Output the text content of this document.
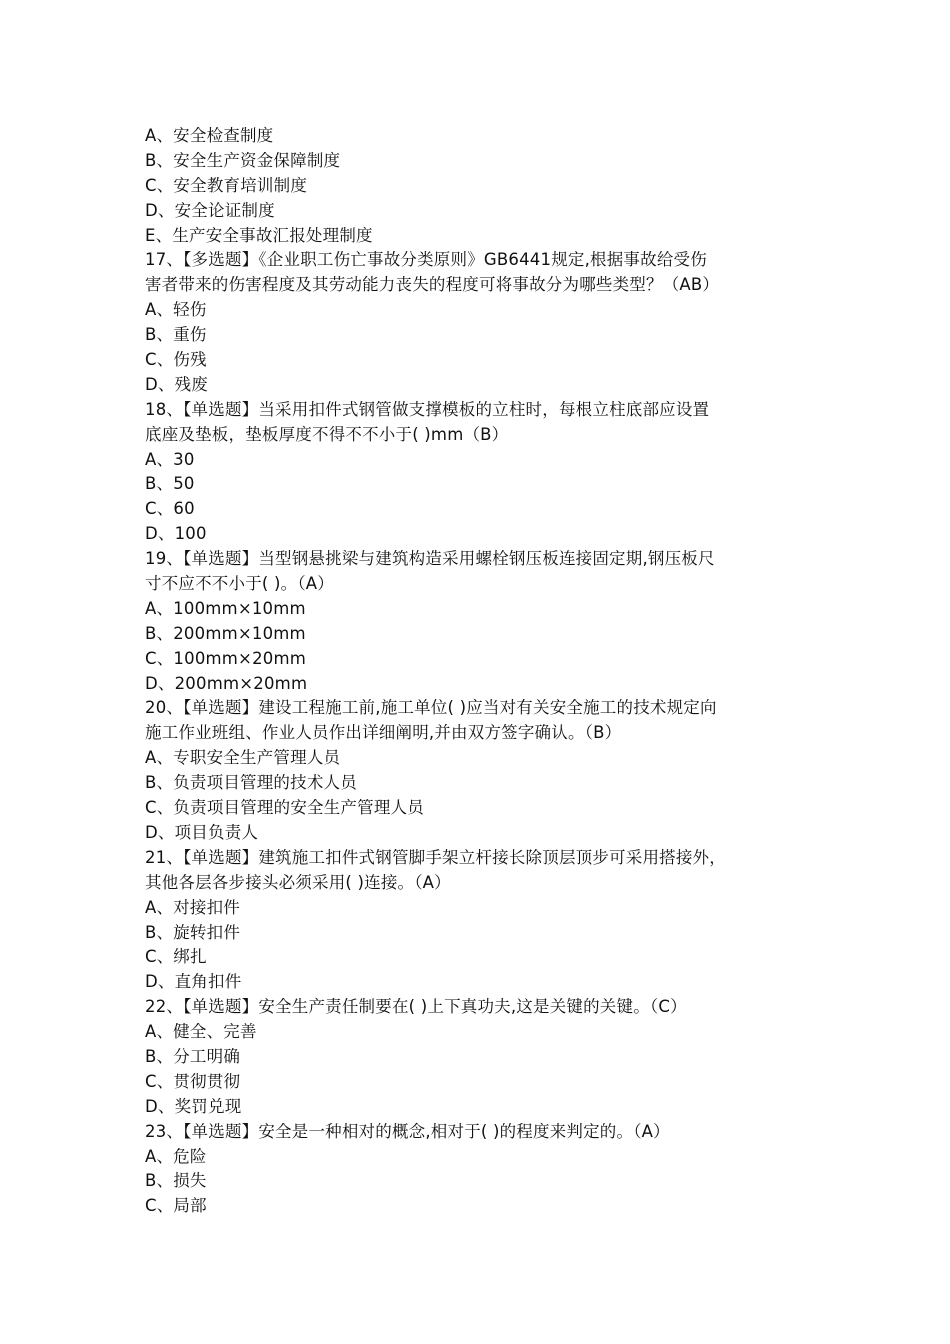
A、安全检查制度
B、安全生产资金保障制度
C、安全教育培训制度
D、安全论证制度
E、生产安全事故汇报处理制度
17、【多选题】《企业职工伤亡事故分类原则》GB6441规定,根据事故给受伤
害者带来的伤害程度及其劳动能力丧失的程度可将事故分为哪些类型？（AB）
A、轻伤
B、重伤
C、伤残
D、残废
18、【单选题】当采用扣件式钢管做支撑模板的立柱时，每根立柱底部应设置
底座及垫板，垫板厚度不得不不小于( )mm（B）
A、30
B、50
C、60
D、100
19、【单选题】当型钢悬挑梁与建筑构造采用螺栓钢压板连接固定期,钢压板尺
寸不应不不小于( )。（A）
A、100mm×10mm
B、200mm×10mm
C、100mm×20mm
D、200mm×20mm
20、【单选题】建设工程施工前,施工单位( )应当对有关安全施工的技术规定向
施工作业班组、作业人员作出详细阐明,并由双方签字确认。（B）
A、专职安全生产管理人员
B、负责项目管理的技术人员
C、负责项目管理的安全生产管理人员
D、项目负责人
21、【单选题】建筑施工扣件式钢管脚手架立杆接长除顶层顶步可采用搭接外，
其他各层各步接头必须采用( )连接。（A）
A、对接扣件
B、旋转扣件
C、绑扎
D、直角扣件
22、【单选题】安全生产责任制要在( )上下真功夫,这是关键的关键。（C）
A、健全、完善
B、分工明确
C、贯彻贯彻
D、奖罚兑现
23、【单选题】安全是一种相对的概念,相对于( )的程度来判定的。（A）
A、危险
B、损失
C、局部
